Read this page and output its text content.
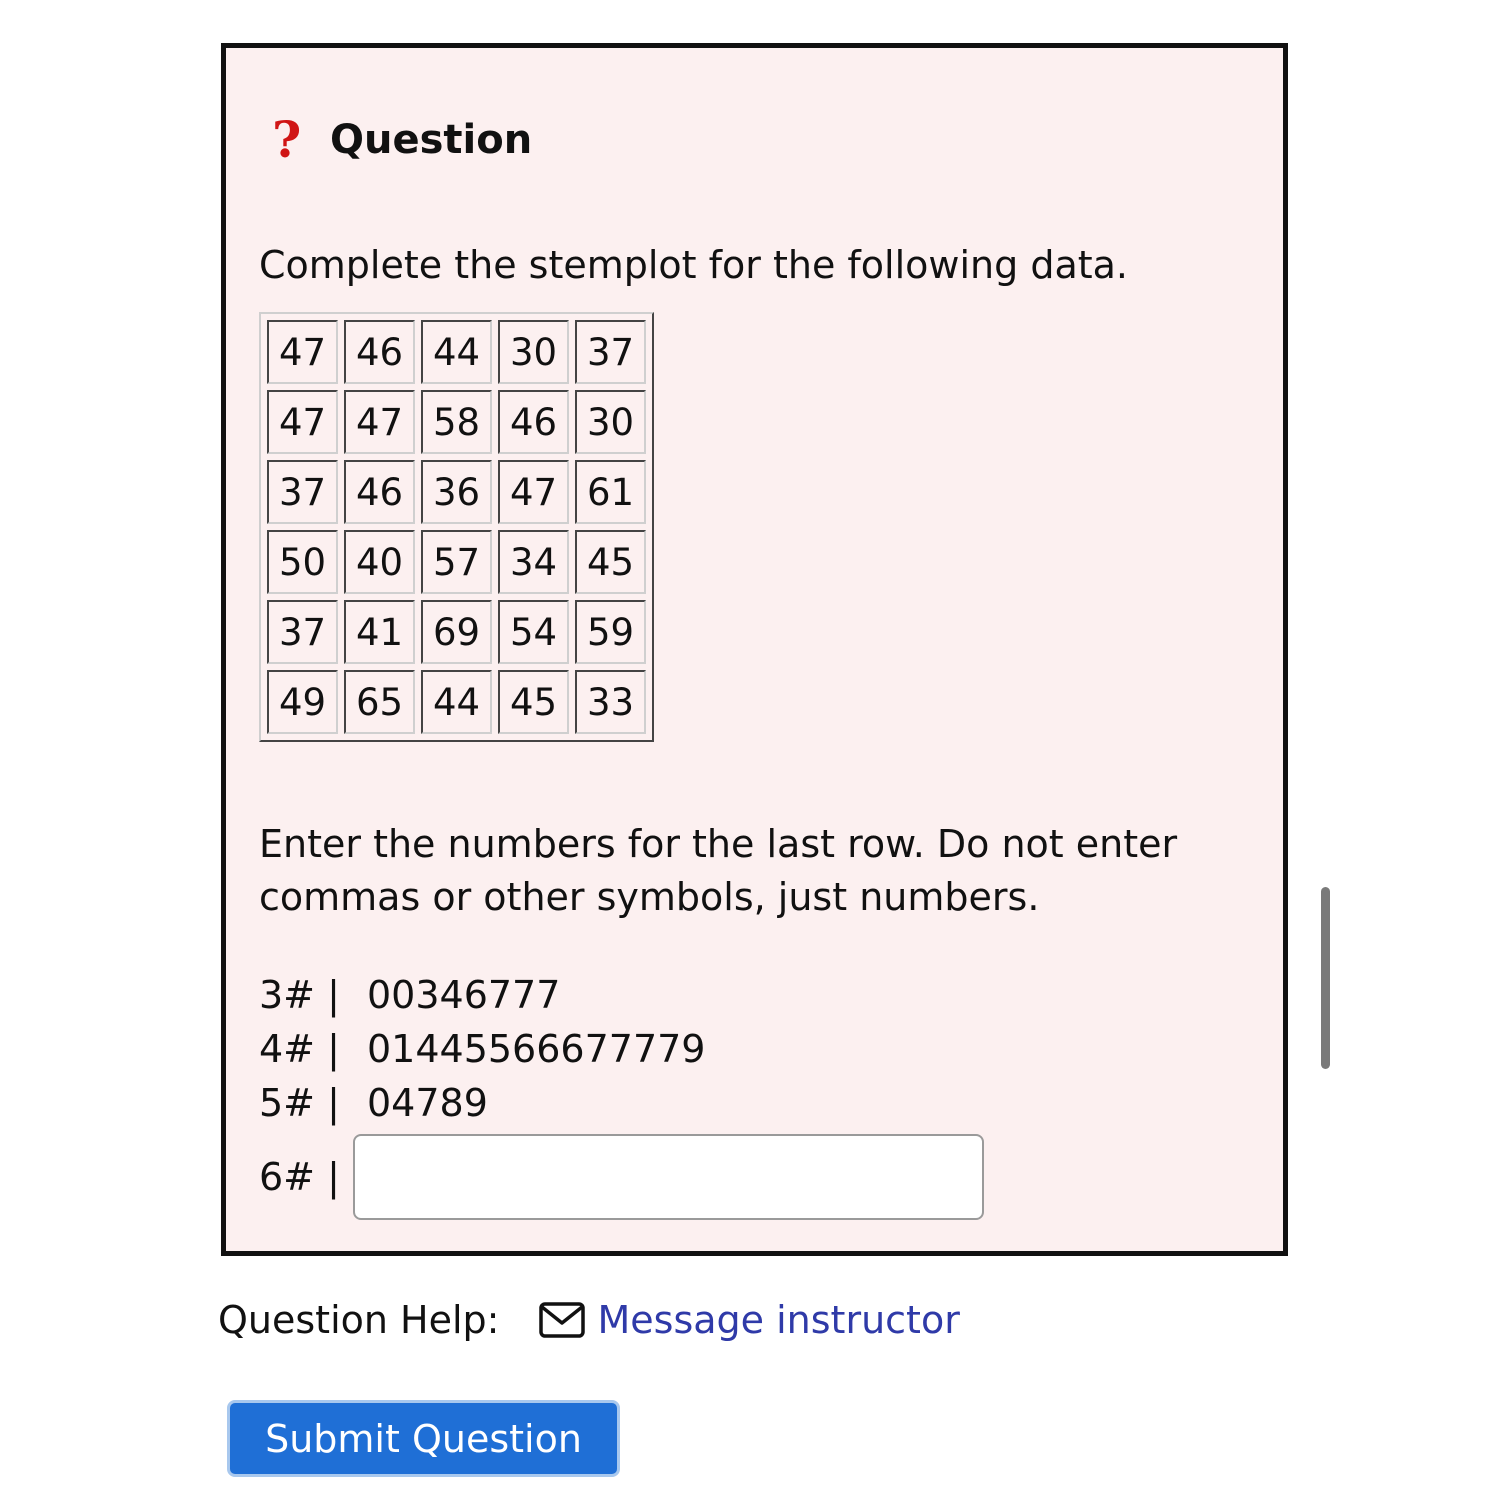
? Question
Complete the stemplot for the following data.
47	46	44	30	37
47	47	58	46	30
37	46	36	47	61
50	40	57	34	45
37	41	69	54	59
49	65	44	45	33
Enter the numbers for the last row. Do not enter commas or other symbols, just numbers.
3# | 00346777
4# | 01445566677779
5# | 04789
6# |
Question Help:	Message instructor
Submit Question
